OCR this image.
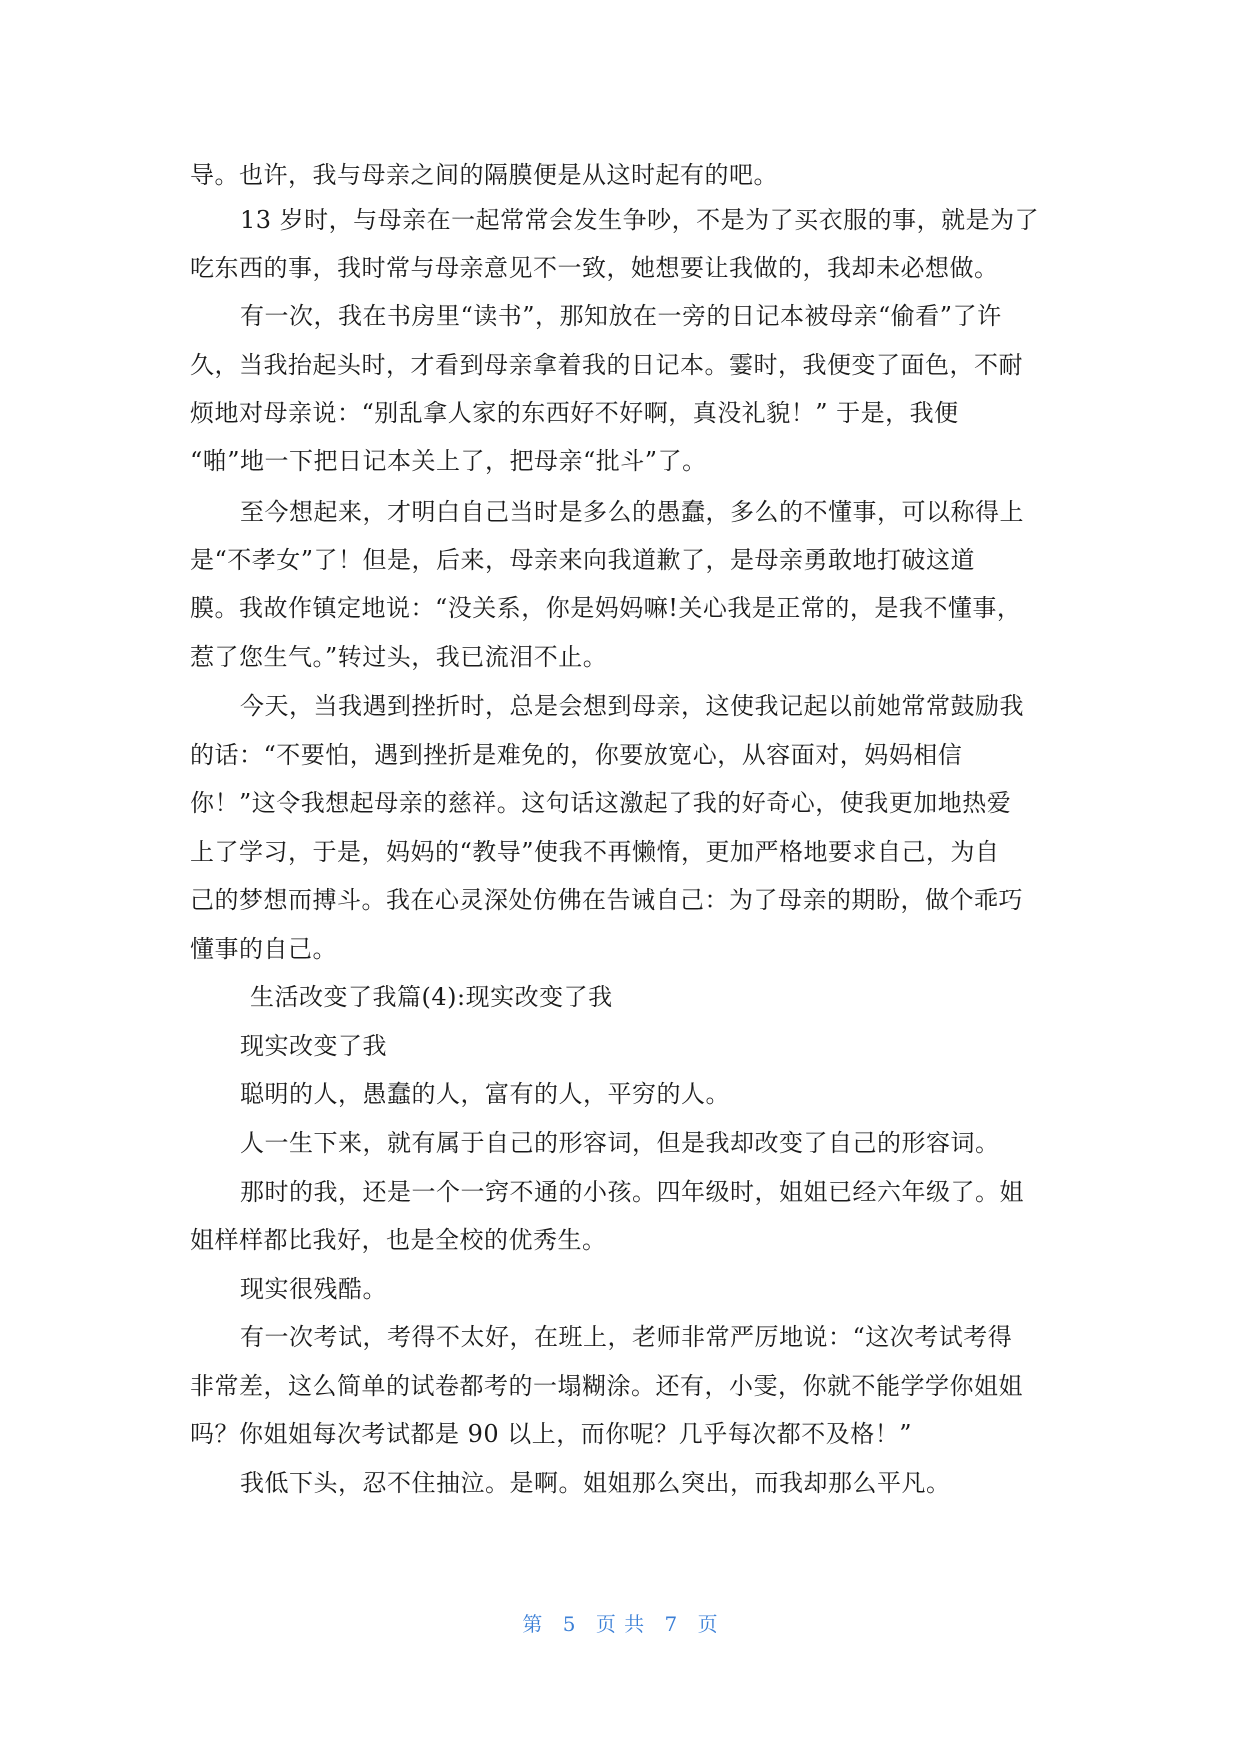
导。也许，我与母亲之间的隔膜便是从这时起有的吧。
13 岁时，与母亲在一起常常会发生争吵，不是为了买衣服的事，就是为了
吃东西的事，我时常与母亲意见不一致，她想要让我做的，我却未必想做。
有一次，我在书房里“读书”，那知放在一旁的日记本被母亲“偷看”了许
久，当我抬起头时，才看到母亲拿着我的日记本。霎时，我便变了面色，不耐
烦地对母亲说：“别乱拿人家的东西好不好啊，真没礼貌！” 于是，我便
“啪”地一下把日记本关上了，把母亲“批斗”了。
至今想起来，才明白自己当时是多么的愚蠢，多么的不懂事，可以称得上
是“不孝女”了！但是，后来，母亲来向我道歉了，是母亲勇敢地打破这道
膜。我故作镇定地说：“没关系，你是妈妈嘛!关心我是正常的，是我不懂事，
惹了您生气。”转过头，我已流泪不止。
今天，当我遇到挫折时，总是会想到母亲，这使我记起以前她常常鼓励我
的话：“不要怕，遇到挫折是难免的，你要放宽心，从容面对，妈妈相信
你！”这令我想起母亲的慈祥。这句话这激起了我的好奇心，使我更加地热爱
上了学习，于是，妈妈的“教导”使我不再懒惰，更加严格地要求自己，为自
己的梦想而搏斗。我在心灵深处仿佛在告诫自己：为了母亲的期盼，做个乖巧
懂事的自己。
生活改变了我篇(4):现实改变了我
现实改变了我
聪明的人，愚蠢的人，富有的人，平穷的人。
人一生下来，就有属于自己的形容词，但是我却改变了自己的形容词。
那时的我，还是一个一窍不通的小孩。四年级时，姐姐已经六年级了。姐
姐样样都比我好，也是全校的优秀生。
现实很残酷。
有一次考试，考得不太好，在班上，老师非常严厉地说：“这次考试考得
非常差，这么简单的试卷都考的一塌糊涂。还有，小雯，你就不能学学你姐姐
吗？你姐姐每次考试都是 90 以上，而你呢？几乎每次都不及格！”
我低下头，忍不住抽泣。是啊。姐姐那么突出，而我却那么平凡。
第 5 页 共 7 页
